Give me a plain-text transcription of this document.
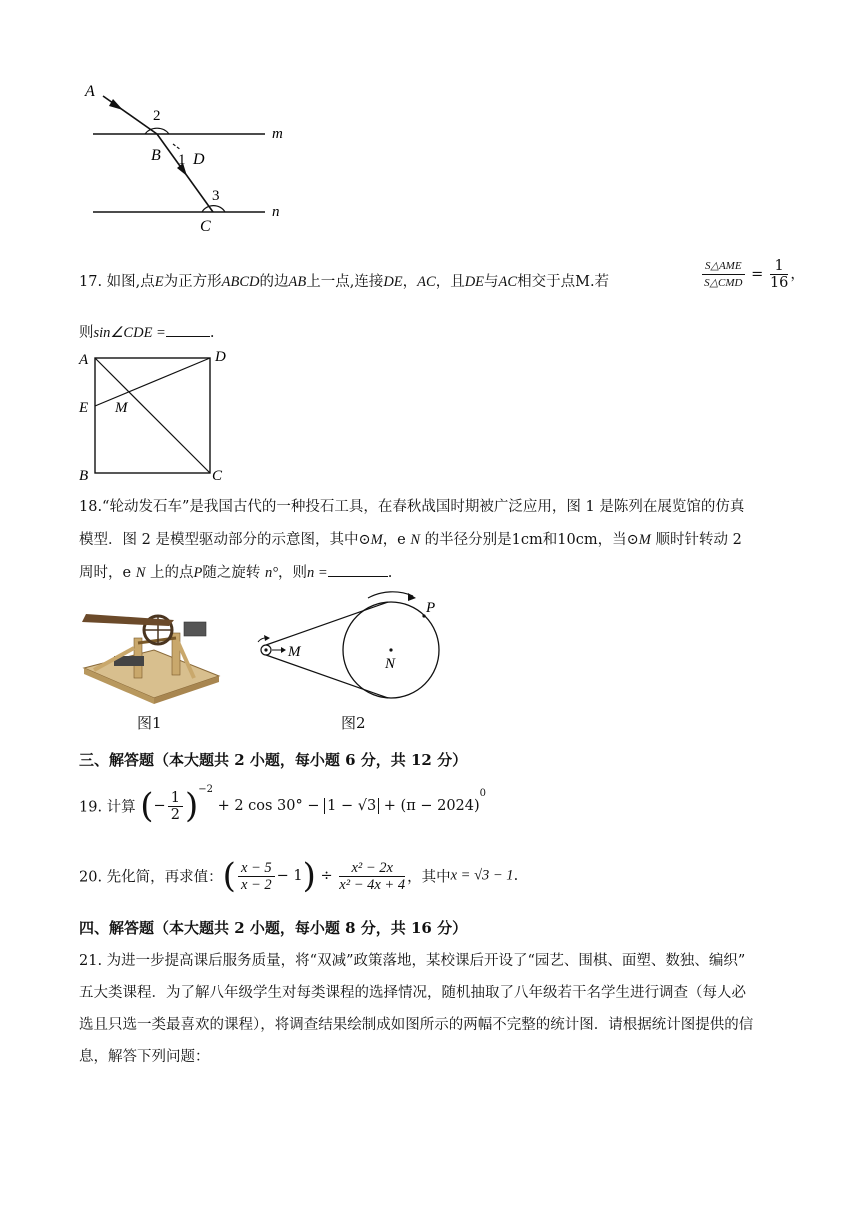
A
2
m
B 1 D
3
n
C
17. 如图,点E为正方形ABCD的边AB上一点,连接DE，AC，且DE与AC相交于点M.若	$\frac{\text{S△AME}}{\text{S△CMD}} = \frac{1}{16}$ ，
则sin∠CDE =	.
A	D
E M
B	C
18.“轮动发石车”是我国古代的一种投石工具，在春秋战国时期被广泛应用，图 1 是陈列在展览馆的仿真
模型．图 2 是模型驱动部分的示意图，其中⊙M，e N 的半径分别是1cm和10cm，当⊙M 顺时针转动 2
周时，e N 上的点P随之旋转 n°，则n =	.
图1
M
N
P
图2
三、解答题（本大题共 2 小题，每小题 6 分，共 12 分）
19. 计算 (− $\frac{1}{2} )^{-2} + 2$ $\cos 30^\circ - 1 - √3 + (\pi - 2024)^0$
20. 先化简，再求值：( $\frac{x - 5}{x - 2} - 1) \div \frac{\text{x² − 2x}}{\text{x² − 4x + 4}}$ ，其中x = √3 − 1.
四、解答题（本大题共 2 小题，每小题 8 分，共 16 分）
21. 为进一步提高课后服务质量，将“双减”政策落地，某校课后开设了“园艺、围棋、面塑、数独、编织”
五大类课程．为了解八年级学生对每类课程的选择情况，随机抽取了八年级若干名学生进行调查（每人必
选且只选一类最喜欢的课程），将调查结果绘制成如图所示的两幅不完整的统计图．请根据统计图提供的信
息，解答下列问题：
